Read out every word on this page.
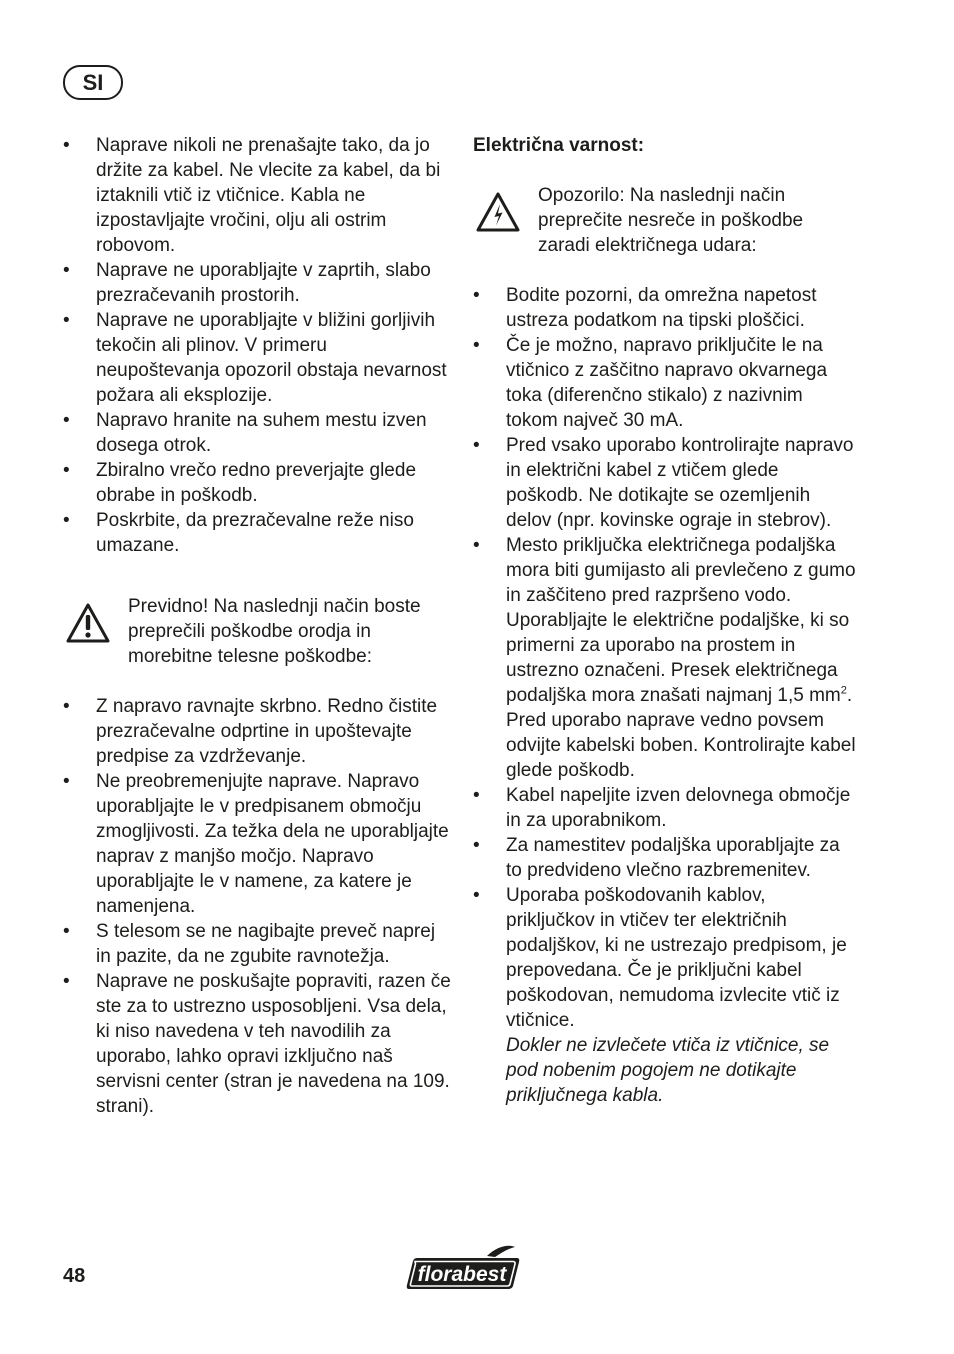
SI
• Naprave nikoli ne prenašajte tako, da jo držite za kabel. Ne vlecite za kabel, da bi iztaknili vtič iz vtičnice. Kabla ne izpostavljajte vročini, olju ali ostrim robovom.
• Naprave ne uporabljajte v zaprtih, slabo prezračevanih prostorih.
• Naprave ne uporabljajte v bližini gorljivih tekočin ali plinov. V primeru neupoštevanja opozoril obstaja nevarnost požara ali eksplozije.
• Napravo hranite na suhem mestu izven dosega otrok.
• Zbiralno vrečo redno preverjajte glede obrabe in poškodb.
• Poskrbite, da prezračevalne reže niso umazane.
Previdno! Na naslednji način boste preprečili poškodbe orodja in morebitne telesne poškodbe:
• Z napravo ravnajte skrbno. Redno čistite prezračevalne odprtine in upoštevajte predpise za vzdrževanje.
• Ne preobremenjujte naprave. Napravo uporabljajte le v predpisanem območju zmogljivosti. Za težka dela ne uporabljajte naprav z manjšo močjo. Napravo uporabljajte le v namene, za katere je namenjena.
• S telesom se ne nagibajte preveč naprej in pazite, da ne zgubite ravnotežja.
• Naprave ne poskušajte popraviti, razen če ste za to ustrezno usposobljeni. Vsa dela, ki niso navedena v teh navodilih za uporabo, lahko opravi izključno naš servisni center (stran je navedena na 109. strani).
Električna varnost:
Opozorilo: Na naslednji način preprečite nesreče in poškodbe zaradi električnega udara:
• Bodite pozorni, da omrežna napetost ustreza podatkom na tipski ploščici.
• Če je možno, napravo priključite le na vtičnico z zaščitno napravo okvarnega toka (diferenčno stikalo) z nazivnim tokom največ 30 mA.
• Pred vsako uporabo kontrolirajte napravo in električni kabel z vtičem glede poškodb. Ne dotikajte se ozemljenih delov (npr. kovinske ograje in stebrov).
• Mesto priključka električnega podaljška mora biti gumijasto ali prevlečeno z gumo in zaščiteno pred razpršeno vodo. Uporabljajte le električne podaljške, ki so primerni za uporabo na prostem in ustrezno označeni. Presek električnega podaljška mora znašati najmanj 1,5 $mm^2$. Pred uporabo naprave vedno povsem odvijte kabelski boben. Kontrolirajte kabel glede poškodb.
• Kabel napeljite izven delovnega območje in za uporabnikom.
• Za namestitev podaljška uporabljajte za to predvideno vlečno razbremenitev.
• Uporaba poškodovanih kablov, priključkov in vtičev ter električnih podaljškov, ki ne ustrezajo predpisom, je prepovedana. Če je priključni kabel poškodovan, nemudoma izvlecite vtič iz vtičnice.
Dokler ne izvlečete vtiča iz vtičnice, se pod nobenim pogojem ne dotikajte priključnega kabla.
48	florabest
